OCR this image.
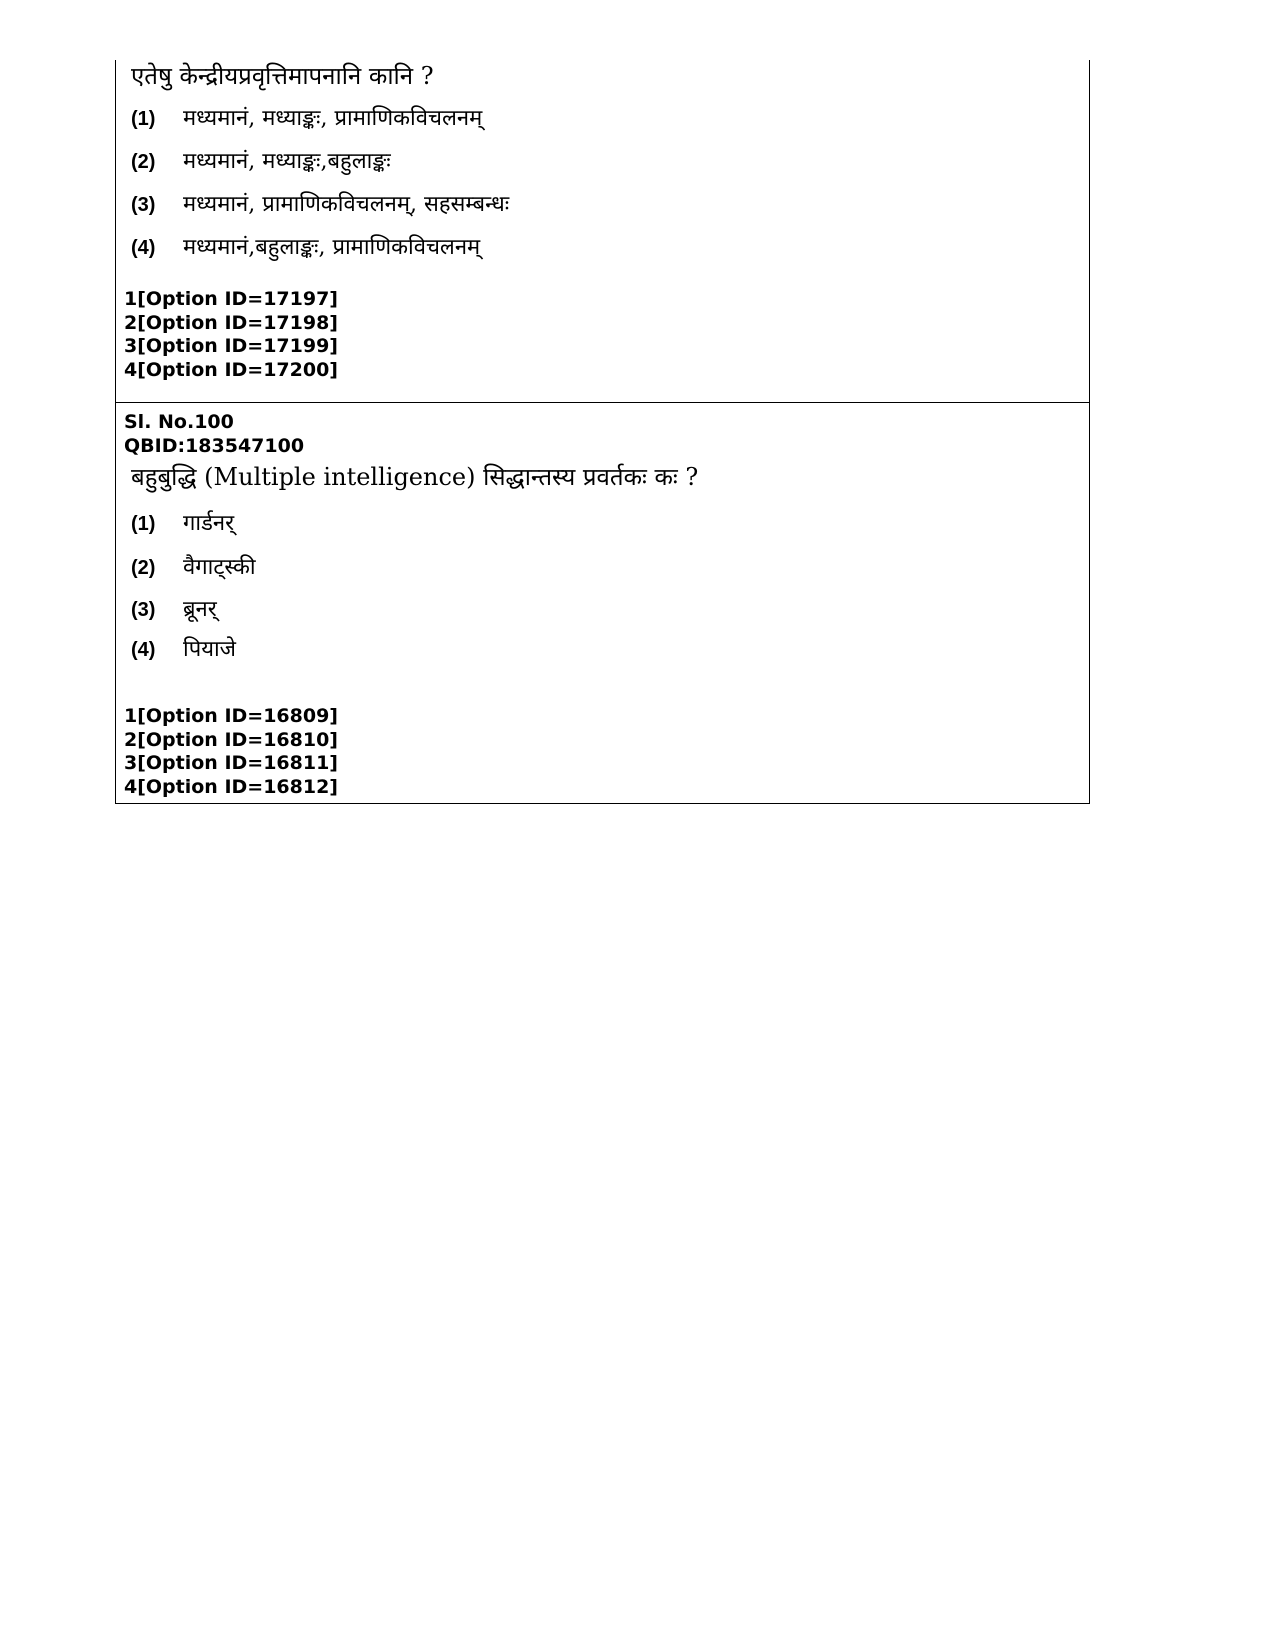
एतेषु केन्द्रीयप्रवृत्तिमापनानि कानि ?
(1)	मध्यमानं, मध्याङ्कः, प्रामाणिकविचलनम्
(2)	मध्यमानं, मध्याङ्कः,बहुलाङ्कः
(3)	मध्यमानं, प्रामाणिकविचलनम्, सहसम्बन्धः
(4)	मध्यमानं,बहुलाङ्कः, प्रामाणिकविचलनम्
1[Option ID=17197]
2[Option ID=17198]
3[Option ID=17199]
4[Option ID=17200]
Sl. No.100
QBID:183547100
बहुबुद्धि (Multiple intelligence) सिद्धान्तस्य प्रवर्तकः कः ?
(1)	गार्डनर्
(2)	वैगाट्स्की
(3)	ब्रूनर्
(4)	पियाजे
1[Option ID=16809]
2[Option ID=16810]
3[Option ID=16811]
4[Option ID=16812]
